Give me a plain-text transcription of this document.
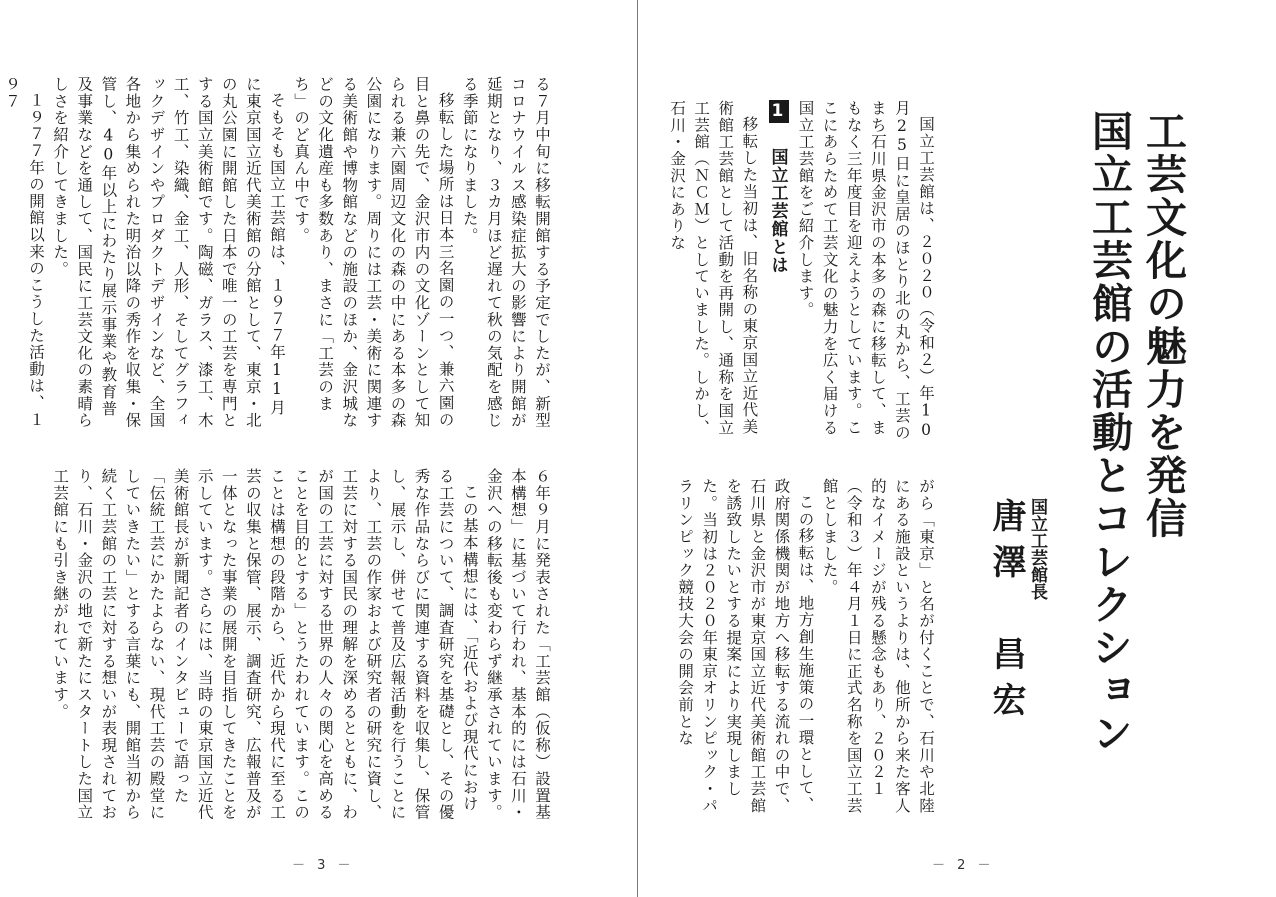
工芸文化の魅力を発信
国立工芸館の活動とコレクション
国立工芸館長 唐澤　昌宏

国立工芸館は、２０２０（令和２）年10月25日に皇居のほとり北の丸から、工芸のまち石川県金沢市の本多の森に移転して、まもなく三年度目を迎えようとしています。ここにあらためて工芸文化の魅力を広く届ける国立工芸館をご紹介します。

1 国立工芸館とは

移転した当初は、旧名称の東京国立近代美術館工芸館として活動を再開し、通称を国立工芸館（ＮＣＭ）としていました。しかし、石川・金沢にありな

がら「東京」と名が付くことで、石川や北陸にある施設というよりは、他所から来た客人的なイメージが残る懸念もあり、２０２１（令和３）年４月１日に正式名称を国立工芸館としました。

この移転は、地方創生施策の一環として、政府関係機関が地方へ移転する流れの中で、石川県と金沢市が東京国立近代美術館工芸館を誘致したいとする提案により実現しました。当初は２０２０年東京オリンピック・パラリンピック競技大会の開会前とな

－ 2 －

る７月中旬に移転開館する予定でしたが、新型コロナウイルス感染症拡大の影響により開館が延期となり、３カ月ほど遅れて秋の気配を感じる季節になりました。

移転した場所は日本三名園の一つ、兼六園の目と鼻の先で、金沢市内の文化ゾーンとして知られる兼六園周辺文化の森の中にある本多の森公園になります。周りには工芸・美術に関連する美術館や博物館などの施設のほか、金沢城などの文化遺産も多数あり、まさに「工芸のまち」のど真ん中です。

そもそも国立工芸館は、１９７７年11月に東京国立近代美術館の分館として、東京・北の丸公園に開館した日本で唯一の工芸を専門とする国立美術館です。陶磁、ガラス、漆工、木工、竹工、染織、金工、人形、そしてグラフィックデザインやプロダクトデザインなど、全国各地から集められた明治以降の秀作を収集・保管し、40年以上にわたり展示事業や教育普及事業などを通して、国民に工芸文化の素晴らしさを紹介してきました。

１９７７年の開館以来のこうした活動は、１９７

６年９月に発表された「工芸館（仮称）設置基本構想」に基づいて行われ、基本的には石川・金沢への移転後も変わらず継承されています。

この基本構想には、「近代および現代における工芸について、調査研究を基礎とし、その優秀な作品ならびに関連する資料を収集し、保管し、展示し、併せて普及広報活動を行うことにより、工芸の作家および研究者の研究に資し、工芸に対する国民の理解を深めるとともに、わが国の工芸に対する世界の人々の関心を高めることを目的とする」とうたわれています。このことは構想の段階から、近代から現代に至る工芸の収集と保管、展示、調査研究、広報普及が一体となった事業の展開を目指してきたことを示しています。さらには、当時の東京国立近代美術館長が新聞記者のインタビューで語った「伝統工芸にかたよらない、現代工芸の殿堂にしていきたい」とする言葉にも、開館当初から続く工芸館の工芸に対する想いが表現されており、石川・金沢の地で新たにスタートした国立工芸館にも引き継がれています。

－ 3 －
